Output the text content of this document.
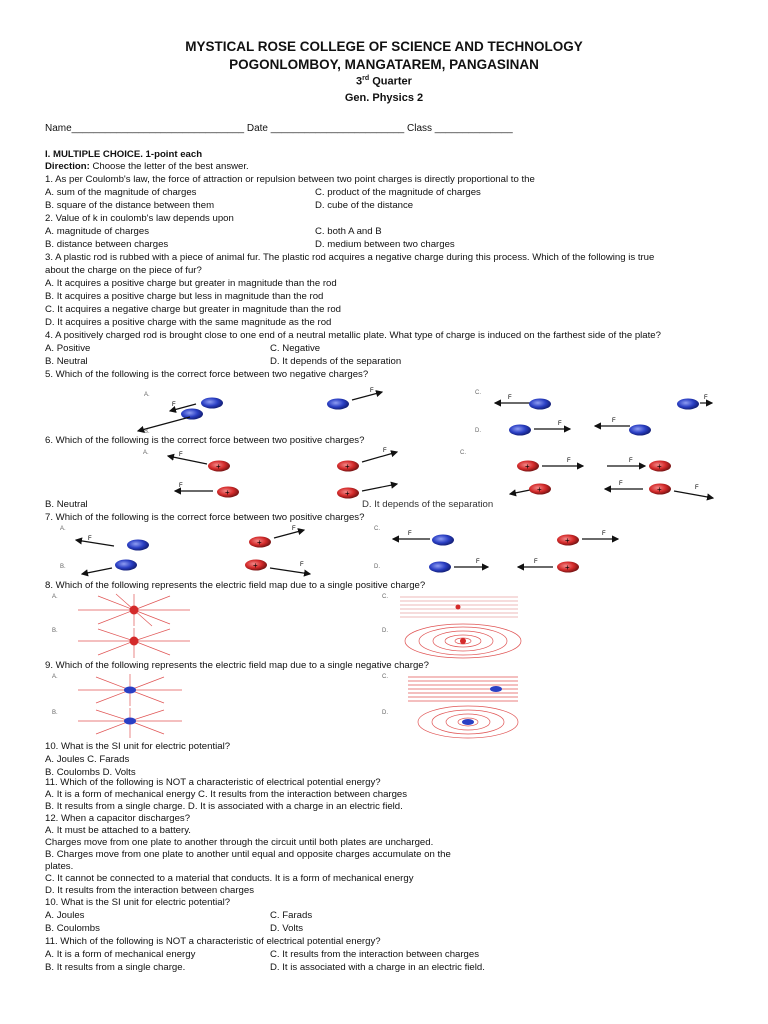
MYSTICAL ROSE COLLEGE OF SCIENCE AND TECHNOLOGY
POGONLOMBOY, MANGATAREM, PANGASINAN
3rd Quarter
Gen. Physics 2
Name_______________________________ Date ________________________ Class ______________
I. MULTIPLE CHOICE. 1-point each
Direction: Choose the letter of the best answer.
1. As per Coulomb's law, the force of attraction or repulsion between two point charges is directly proportional to the
A. sum of the magnitude of charges	C. product of the magnitude of charges
B. square of the distance between them	D. cube of the distance
2. Value of k in coulomb's law depends upon
A. magnitude of charges	C. both A and B
B. distance between charges	D. medium between two charges
3. A plastic rod is rubbed with a piece of animal fur. The plastic rod acquires a negative charge during this process. Which of the following is true
about the charge on the piece of fur?
A. It acquires a positive charge but greater in magnitude than the rod
B. It acquires a positive charge but less in magnitude than the rod
C. It acquires a negative charge but greater in magnitude than the rod
D. It acquires a positive charge with the same magnitude as the rod
4. A positively charged rod is brought close to one end of a neutral metallic plate. What type of charge is induced on the farthest side of the plate?
A. Positive	C. Negative
B. Neutral	D. It depends of the separation
5. Which of the following is the correct force between two negative charges?
A.
B.
C.
D.
F
F
F	F
F	F
6. Which of the following is the correct force between two positive charges?
A.	C.
F
+
F
+
+
F
+
+
F	F
+
+
F
+	F
B. Neutral	D. It depends of the separation
7. Which of the following is the correct force between two positive charges?
A.
B.
C.
D.
F	+
F
+	F
F
+
F
F	F
+
8. Which of the following represents the electric field map due to a single positive charge?
A.
B.
C.
D.
9. Which of the following represents the electric field map due to a single negative charge?
A.
B.
C.
D.
10. What is the SI unit for electric potential?
A. Joules C. Farads
B. Coulombs D. Volts
11. Which of the following is NOT a characteristic of electrical potential energy?
A. It is a form of mechanical energy C. It results from the interaction between charges
B. It results from a single charge. D. It is associated with a charge in an electric field.
12. When a capacitor discharges?
A. It must be attached to a battery.
Charges move from one plate to another through the circuit until both plates are uncharged.
B. Charges move from one plate to another until equal and opposite charges accumulate on the
plates.
C. It cannot be connected to a material that conducts. It is a form of mechanical energy
D. It results from the interaction between charges
10. What is the SI unit for electric potential?
A. Joules	C. Farads
B. Coulombs	D. Volts
11. Which of the following is NOT a characteristic of electrical potential energy?
A. It is a form of mechanical energy	C. It results from the interaction between charges
B. It results from a single charge.	D. It is associated with a charge in an electric field.
